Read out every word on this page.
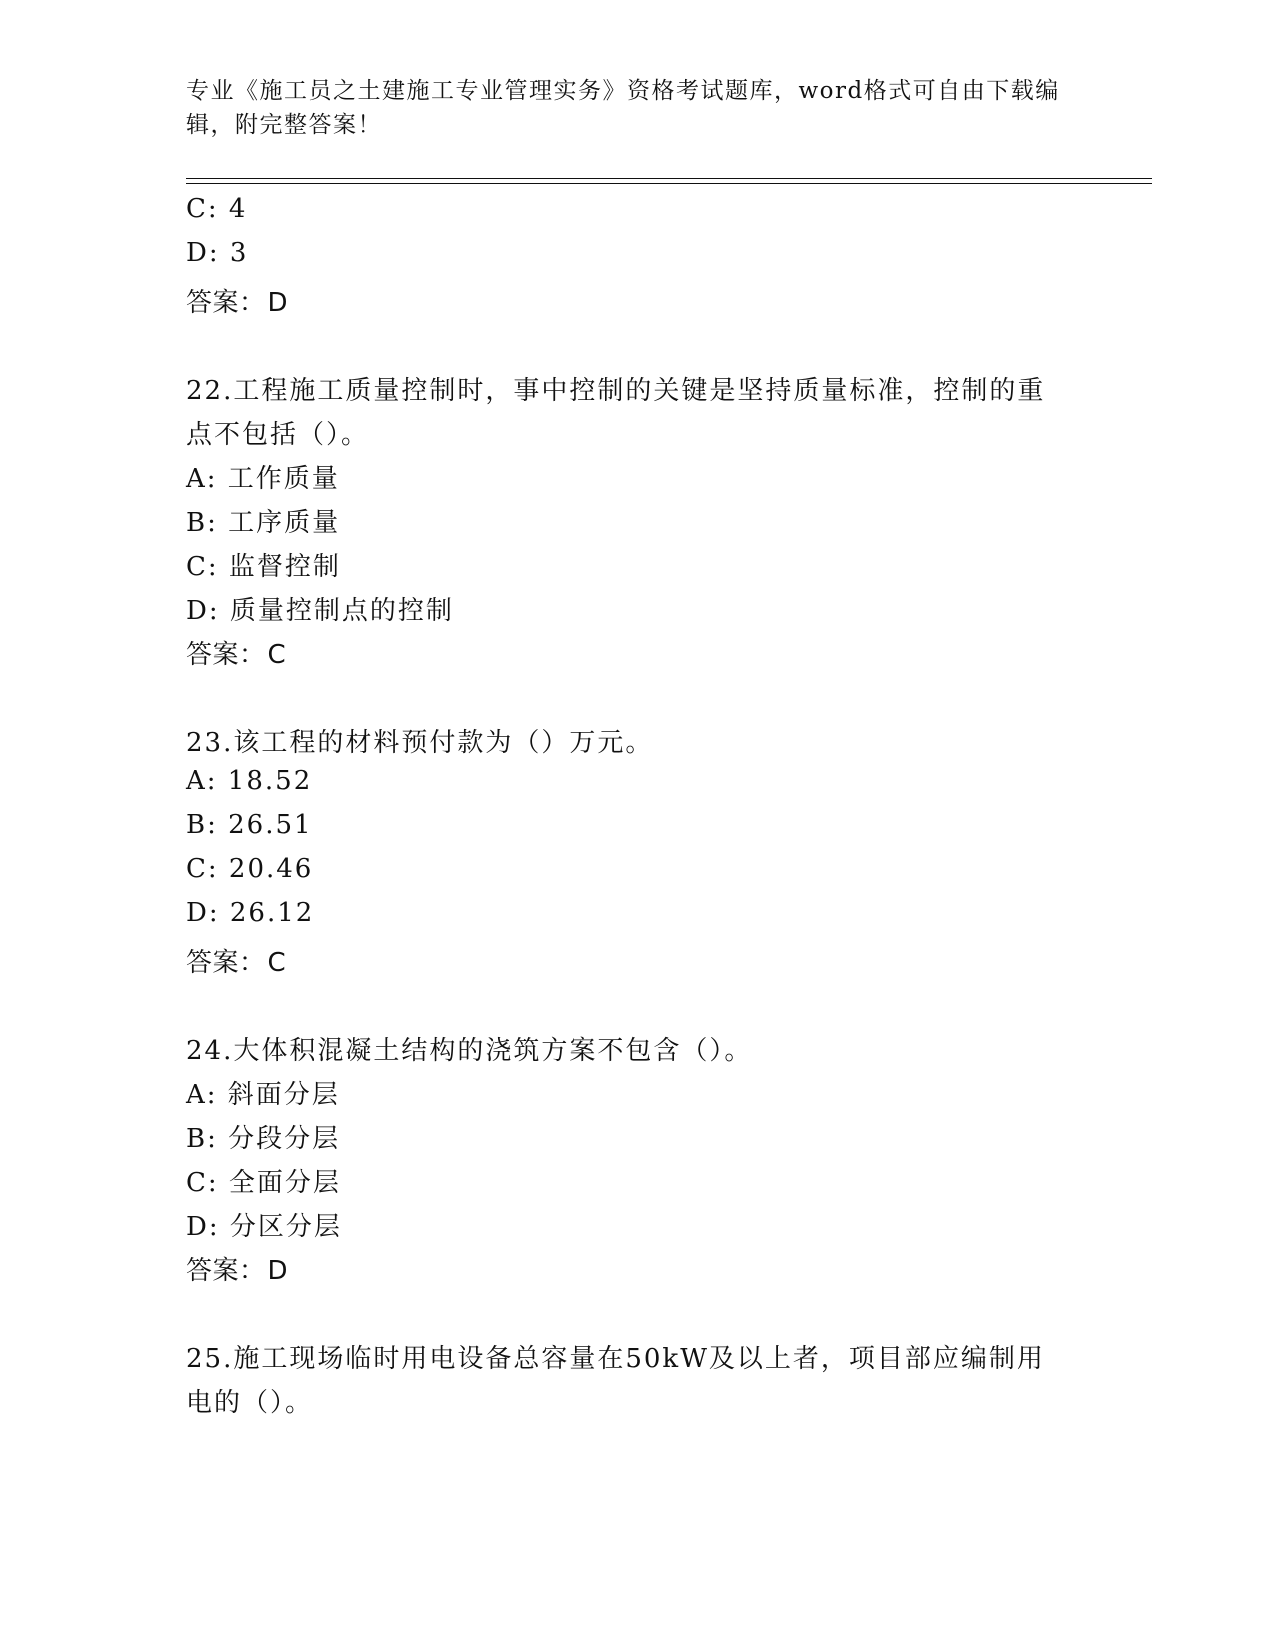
专业《施工员之土建施工专业管理实务》资格考试题库，word格式可自由下载编
辑，附完整答案！
C: 4
D: 3
答案：D
22.工程施工质量控制时，事中控制的关键是坚持质量标准，控制的重
点不包括（）。
A: 工作质量
B: 工序质量
C: 监督控制
D: 质量控制点的控制
答案：C
23.该工程的材料预付款为（）万元。
A: 18.52
B: 26.51
C: 20.46
D: 26.12
答案：C
24.大体积混凝土结构的浇筑方案不包含（）。
A: 斜面分层
B: 分段分层
C: 全面分层
D: 分区分层
答案：D
25.施工现场临时用电设备总容量在50kW及以上者，项目部应编制用
电的（）。
